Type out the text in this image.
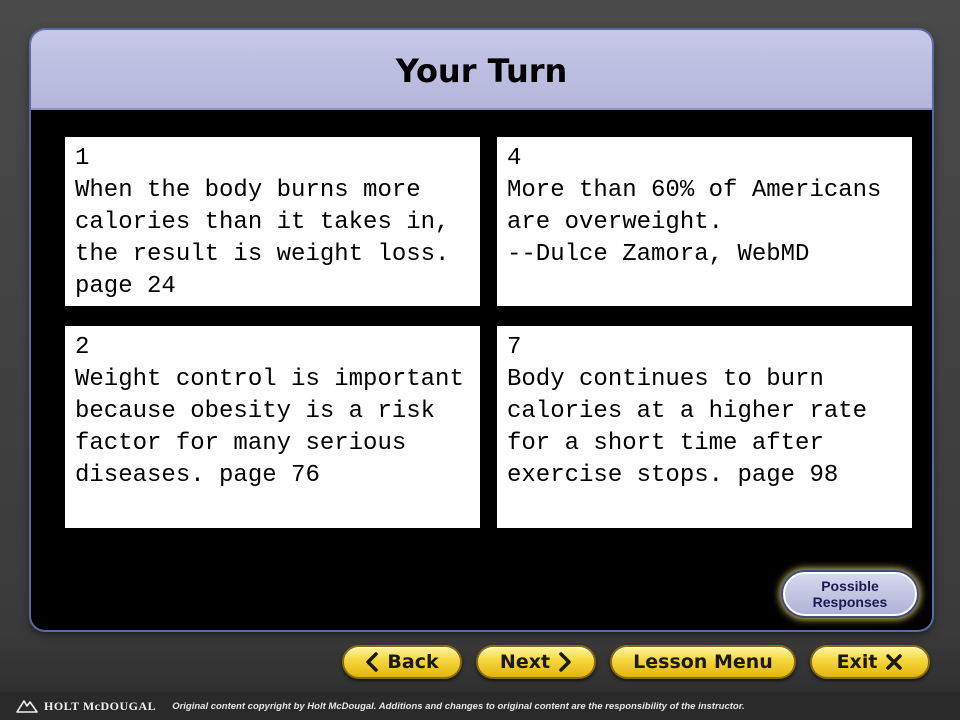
Your Turn
1
When the body burns more calories than it takes in, the result is weight loss. page 24
4
More than 60% of Americans are overweight.
--Dulce Zamora, WebMD
2
Weight control is important because obesity is a risk factor for many serious diseases. page 76
7
Body continues to burn calories at a higher rate for a short time after exercise stops. page 98
Possible
Responses
Back	Next	Lesson Menu	Exit
HOLT McDOUGAL Original content copyright by Holt McDougal. Additions and changes to original content are the responsibility of the instructor.
